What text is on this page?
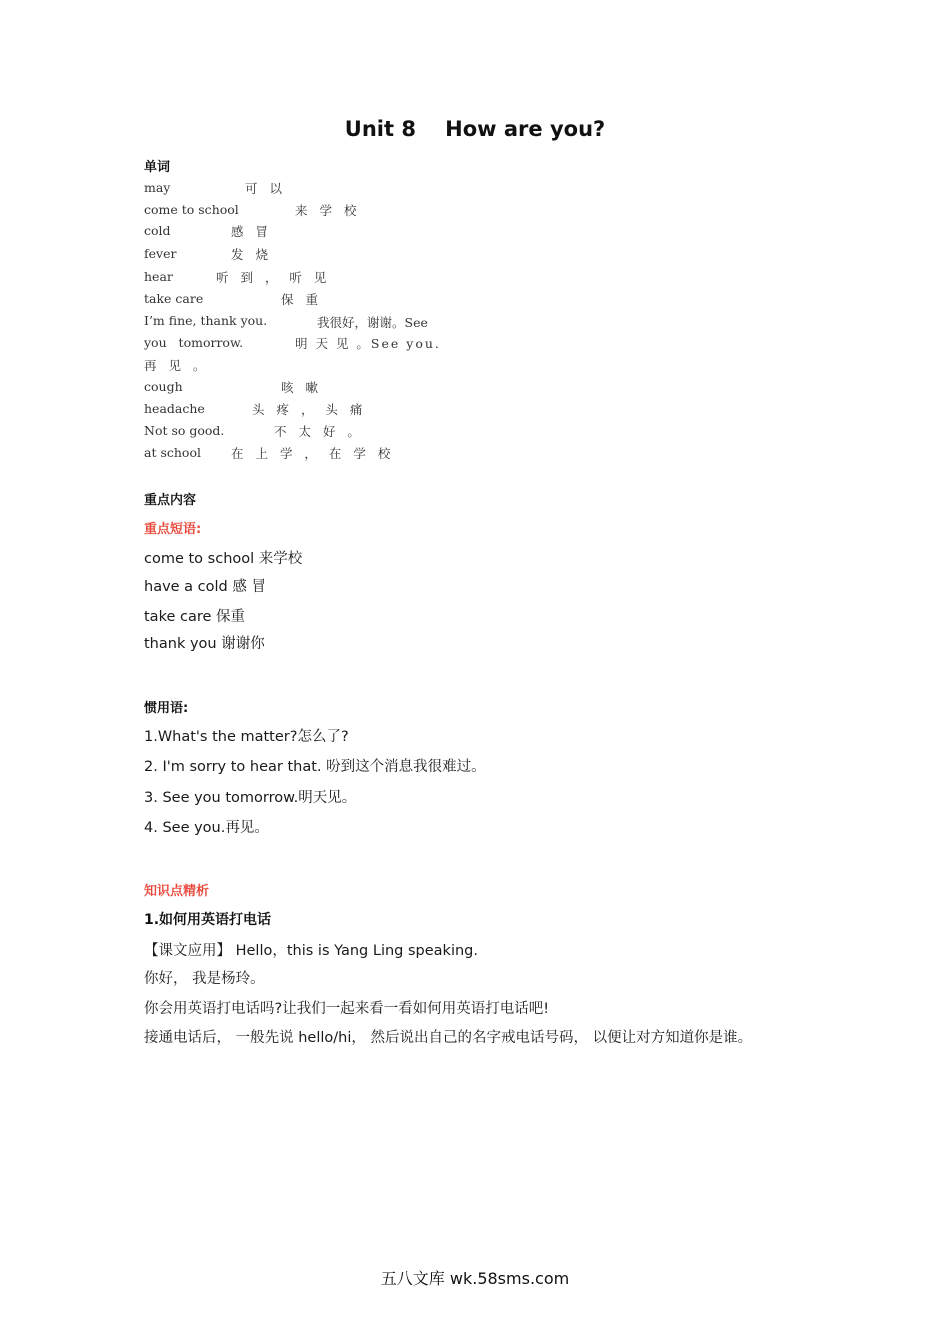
Unit 8    How are you?
单词
may	可 以
come to school	来 学 校
cold	感 冒
fever	发 烧
hear	听 到 ， 听 见
take care	保 重
I’m fine, thank you.	我很好，谢谢。See
you   tomorrow.	明 天 见 。See you.
再 见 。
cough	咳 嗽
headache	头 疼 ， 头 痛
Not so good.	不 太 好 。
at school 在 上 学 ， 在 学 校
重点内容
重点短语:
come to school 来学校
have a cold 感 冒
take care 保重
thank you 谢谢你
惯用语:
1.What's the matter?怎么了?
2. I'm sorry to hear that. 吩到这个消息我很难过。
3. See you tomorrow.明天见。
4. See you.再见。
知识点精析
1.如何用英语打电话
【课文应用】 Hello，this is Yang Ling speaking.
你好， 我是杨玲。
你会用英语打电话吗?让我们一起来看一看如何用英语打电话吧!
接通电话后， 一般先说 hello/hi， 然后说出自己的名字戒电话号码， 以便让对方知道你是谁。
五八文库 wk.58sms.com
